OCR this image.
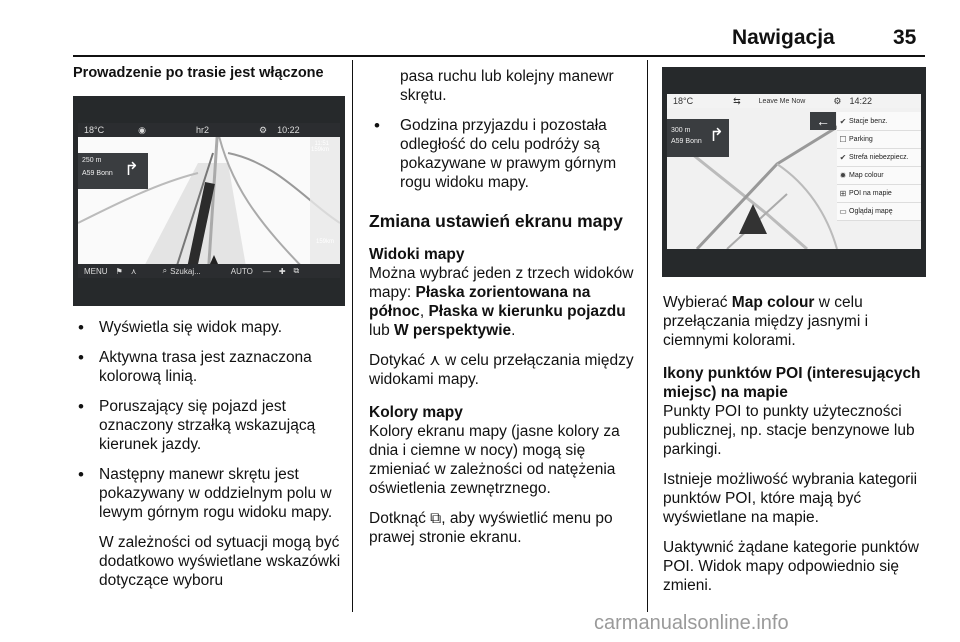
Nawigacja	35
Prowadzenie po trasie jest włączone
18°C	◉	hr2	⚙ 10:22
250 m
A59 Bonn ↱
11:51
159km
159km
MENU ⚑ ⋏	⌕ Szukaj...	AUTO — ✚ ⧉
• Wyświetla się widok mapy.
• Aktywna trasa jest zaznaczona kolorową linią.
• Poruszający się pojazd jest oznaczony strzałką wskazującą kierunek jazdy.
• Następny manewr skrętu jest pokazywany w oddzielnym polu w lewym górnym rogu widoku mapy.
W zależności od sytuacji mogą być dodatkowo wyświetlane wskazówki dotyczące wyboru
pasa ruchu lub kolejny manewr skrętu.
• Godzina przyjazdu i pozostała odległość do celu podróży są pokazywane w prawym górnym rogu widoku mapy.
Zmiana ustawień ekranu mapy
Widoki mapy

Można wybrać jeden z trzech widoków mapy: Płaska zorientowana na północ, Płaska w kierunku pojazdu lub W perspektywie.

Dotykać ⋏ w celu przełączania między widokami mapy.

Kolory mapy

Kolory ekranu mapy (jasne kolory za dnia i ciemne w nocy) mogą się zmieniać w zależności od natężenia oświetlenia zewnętrznego.

Dotknąć ⧉, aby wyświetlić menu po prawej stronie ekranu.

18°C	⇆	Leave Me Now	⚙ 14:22
300 m
A59 Bonn ↱
←	✔ Stacje benz.
☐ Parking
✔ Strefa niebezpiecz.
✹ Map colour
⊞ POI na mapie
▭ Oglądaj mapę

Wybierać Map colour w celu przełączania między jasnymi i ciemnymi kolorami.

Ikony punktów POI (interesujących miejsc) na mapie

Punkty POI to punkty użyteczności publicznej, np. stacje benzynowe lub parkingi.

Istnieje możliwość wybrania kategorii punktów POI, które mają być wyświetlane na mapie.

Uaktywnić żądane kategorie punktów POI. Widok mapy odpowiednio się zmieni.

carmanualsonline.info
